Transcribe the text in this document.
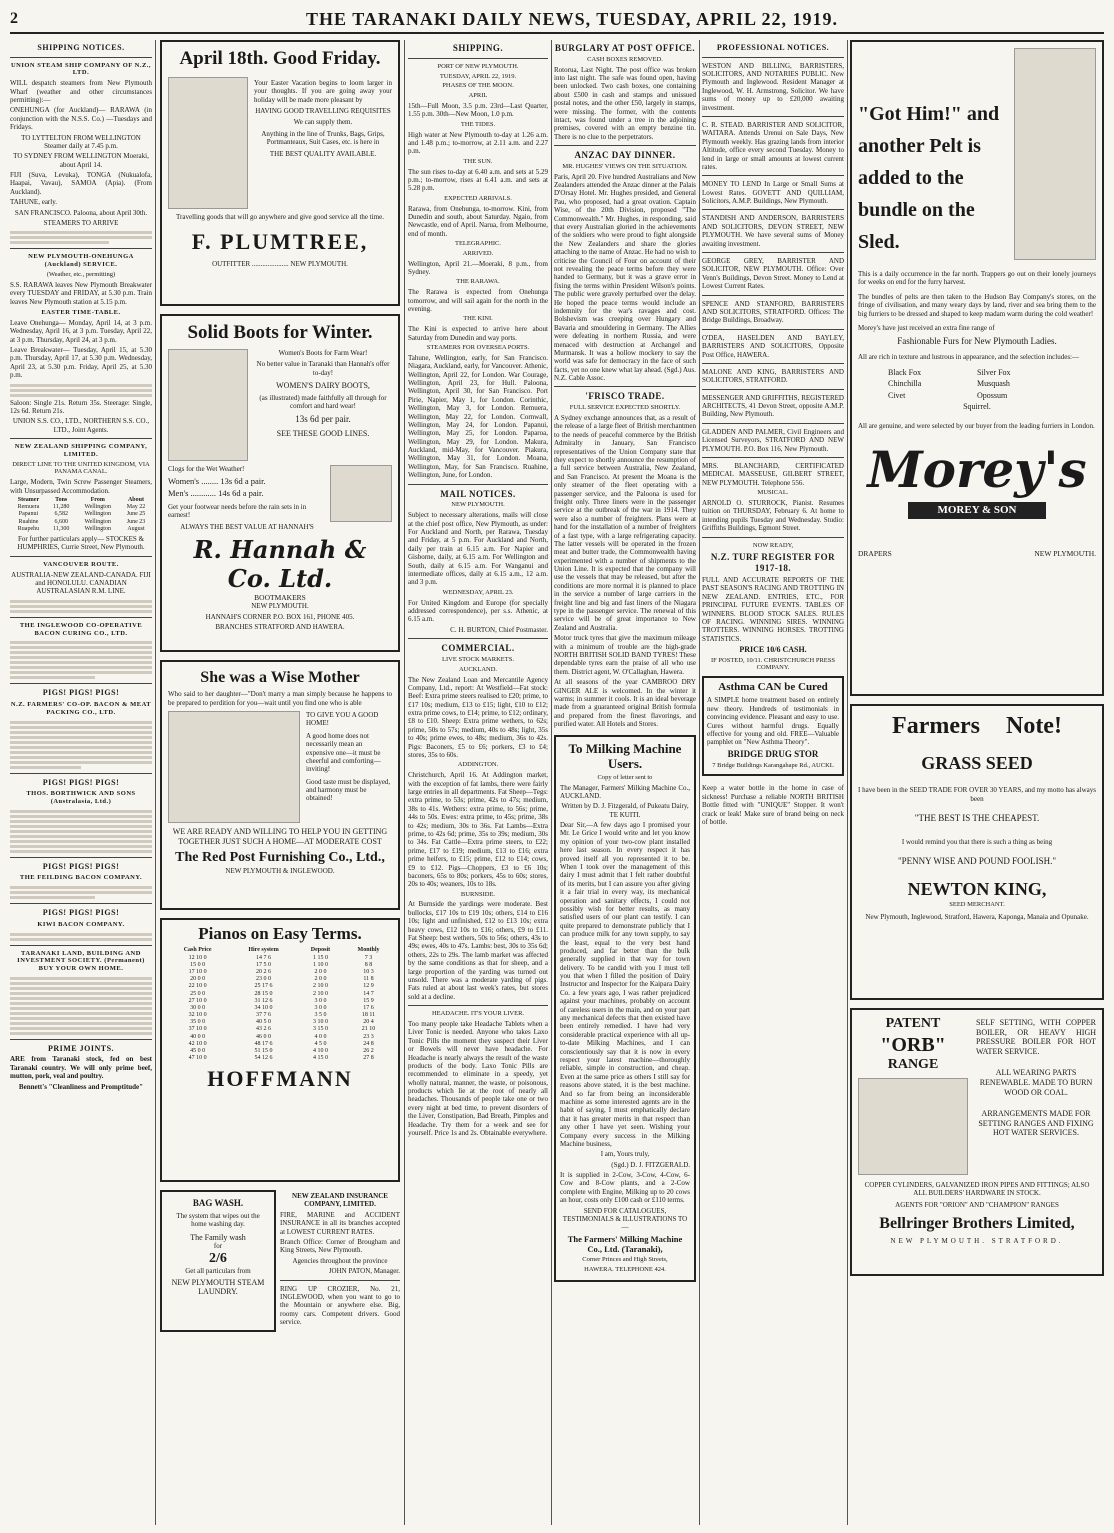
2	THE TARANAKI DAILY NEWS, TUESDAY, APRIL 22, 1919.
SHIPPING NOTICES.
UNION STEAM SHIP COMPANY OF N.Z., LTD.
WILL despatch steamers from New Plymouth Wharf (weather and other circumstances permitting):—
ONEHUNGA (for Auckland)— RARAWA (in conjunction with the N.S.S. Co.) —Tuesdays and Fridays.
TO LYTTELTON FROM WELLINGTON Steamer daily at 7.45 p.m.
TO SYDNEY FROM WELLINGTON Moeraki, about April 14.
FIJI (Suva, Levuka), TONGA (Nukualofa, Haapai, Vavau), SAMOA (Apia). (From Auckland).
TAHUNE, early.
SAN FRANCISCO. Paloona, about April 30th.
STEAMERS TO ARRIVE
NEW PLYMOUTH-ONEHUNGA (Auckland) SERVICE.
(Weather, etc., permitting)
S.S. RARAWA leaves New Plymouth Breakwater every TUESDAY and FRIDAY, at 5.30 p.m. Train leaves New Plymouth station at 5.15 p.m.
EASTER TIME-TABLE.
Leave Onehunga— Monday, April 14, at 3 p.m. Wednesday, April 16, at 3 p.m. Tuesday, April 22, at 3 p.m. Thursday, April 24, at 3 p.m.
Leave Breakwater— Tuesday, April 15, at 5.30 p.m. Thursday, April 17, at 5.30 p.m. Wednesday, April 23, at 5.30 p.m. Friday, April 25, at 5.30 p.m.
Saloon: Single 21s. Return 35s. Steerage: Single, 12s 6d. Return 21s.
UNION S.S. CO., LTD., NORTHERN S.S. CO., LTD., Joint Agents.
NEW ZEALAND SHIPPING COMPANY, LIMITED.
DIRECT LINE TO THE UNITED KINGDOM, VIA PANAMA CANAL.
Large, Modern, Twin Screw Passenger Steamers, with Unsurpassed Accommodation.
Steamer	Tons	From	About
Remuera	11,280	Wellington	May 22
Papanui	6,582	Wellington	June 25
Ruahine	6,600	Wellington	June 23
Ruapehu	11,300	Wellington	August
For further particulars apply— STOCKES & HUMPHRIES, Currie Street, New Plymouth.
VANCOUVER ROUTE.
AUSTRALIA-NEW ZEALAND-CANADA. FIJI and HONOLULU. CANADIAN AUSTRALASIAN R.M. LINE.
THE INGLEWOOD CO-OPERATIVE BACON CURING CO., LTD.
PIGS! PIGS! PIGS!
N.Z. FARMERS' CO-OP. BACON & MEAT PACKING CO., LTD.
PIGS! PIGS! PIGS!
THOS. BORTHWICK AND SONS (Australasia, Ltd.)
PIGS! PIGS! PIGS!
THE FEILDING BACON COMPANY.
PIGS! PIGS! PIGS!
KIWI BACON COMPANY.
TARANAKI LAND, BUILDING AND INVESTMENT SOCIETY. (Permanent) BUY YOUR OWN HOME.
PRIME JOINTS.
ARE from Taranaki stock, fed on best Taranaki country. We will only prime beef, mutton, pork, veal and poultry.
Bennett's "Cleanliness and Promptitude"
April 18th. Good Friday.
Your Easter Vacation begins to loom larger in your thoughts. If you are going away your holiday will be made more pleasant by
HAVING GOOD TRAVELLING REQUISITES
We can supply them.
Anything in the line of Trunks, Bags, Grips, Portmanteaux, Suit Cases, etc. is here in
THE BEST QUALITY AVAILABLE.
Travelling goods that will go anywhere and give good service all the time.
F. PLUMTREE,
OUTFITTER ..................... NEW PLYMOUTH.
Solid Boots for Winter.
Women's Boots for Farm Wear!
No better value in Taranaki than Hannah's offer to-day!
WOMEN'S DAIRY BOOTS,
(as illustrated) made faithfully all through for comfort and hard wear!
13s 6d per pair.
SEE THESE GOOD LINES.
Clogs for the Wet Weather!
Women's ........ 13s 6d a pair.
Men's ............ 14s 6d a pair.
Get your footwear needs before the rain sets in in earnest!
ALWAYS THE BEST VALUE AT HANNAH'S
R. Hannah & Co. Ltd.
BOOTMAKERS
NEW PLYMOUTH.
HANNAH'S CORNER P.O. BOX 161, PHONE 405.
BRANCHES STRATFORD AND HAWERA.
She was a Wise Mother
Who said to her daughter—"Don't marry a man simply because he happens to be prepared to perdition for you—wait until you find one who is able
TO GIVE YOU A GOOD HOME!
A good home does not necessarily mean an expensive one—it must be cheerful and comforting—inviting!
Good taste must be displayed, and harmony must be obtained!
WE ARE READY AND WILLING TO HELP YOU IN GETTING TOGETHER JUST SUCH A HOME—AT MODERATE COST
The Red Post Furnishing Co., Ltd.,
NEW PLYMOUTH & INGLEWOOD.
Pianos on Easy Terms.
Cash Price	Hire system	Deposit	Monthly
12 10 0	14 7 6	1 15 0	7 3
15 0 0	17 5 0	1 10 0	8 8
17 10 0	20 2 6	2 0 0	10 3
20 0 0	23 0 0	2 0 0	11 8
22 10 0	25 17 6	2 10 0	12 9
25 0 0	28 15 0	2 10 0	14 7
27 10 0	31 12 6	3 0 0	15 9
30 0 0	34 10 0	3 0 0	17 6
32 10 0	37 7 6	3 5 0	18 11
35 0 0	40 5 0	3 10 0	20 4
37 10 0	43 2 6	3 15 0	21 10
40 0 0	46 0 0	4 0 0	23 3
42 10 0	48 17 6	4 5 0	24 8
45 0 0	51 15 0	4 10 0	26 2
47 10 0	54 12 6	4 15 0	27 8
HOFFMANN
BAG WASH.
The system that wipes out the home washing day.
The Family wash
for
2/6
Get all particulars from
NEW PLYMOUTH STEAM LAUNDRY.
NEW ZEALAND INSURANCE COMPANY, LIMITED.
FIRE, MARINE and ACCIDENT INSURANCE in all its branches accepted at LOWEST CURRENT RATES.
Branch Office: Corner of Brougham and King Streets, New Plymouth.
Agencies throughout the province
JOHN PATON, Manager.
RING UP CROZIER, No. 21, INGLEWOOD, when you want to go to the Mountain or anywhere else. Big, roomy cars. Competent drivers. Good service.
SHIPPING.
PORT OF NEW PLYMOUTH.
TUESDAY, APRIL 22, 1919.
PHASES OF THE MOON.
APRIL
15th—Full Moon, 3.5 p.m. 23rd—Last Quarter, 1.55 p.m. 30th—New Moon, 1.0 p.m.
THE TIDES.
High water at New Plymouth to-day at 1.26 a.m. and 1.48 p.m.; to-morrow, at 2.11 a.m. and 2.27 p.m.
THE SUN.
The sun rises to-day at 6.40 a.m. and sets at 5.29 p.m.; to-morrow, rises at 6.41 a.m. and sets at 5.28 p.m.
EXPECTED ARRIVALS.
Rarawa, from Onehunga, to-morrow. Kini, from Dunedin and south, about Saturday. Ngaio, from Newcastle, end of April. Narua, from Melbourne, end of month.
TELEGRAPHIC.
ARRIVED.
Wellington, April 21.—Moeraki, 8 p.m., from Sydney.
THE RARAWA.
The Rarawa is expected from Onehunga tomorrow, and will sail again for the north in the evening.
THE KINI.
The Kini is expected to arrive here about Saturday from Dunedin and way ports.
STEAMERS FOR OVERSEA PORTS.
Tahune, Wellington, early, for San Francisco. Niagara, Auckland, early, for Vancouver. Athenic, Wellington, April 22, for London. War Courage, Wellington, April 23, for Hull. Paloona, Wellington, April 30, for San Francisco. Port Pirie, Napier, May 1, for London. Corinthic, Wellington, May 3, for London. Remuera, Wellington, May 22, for London. Cornwall, Wellington, May 24, for London. Papanui, Wellington, May 25, for London. Paparoa, Wellington, May 29, for London. Makura, Auckland, mid-May, for Vancouver. Piakura, Wellington, May 31, for London. Moana, Wellington, May, for San Francisco. Ruahine, Wellington, June, for London.
MAIL NOTICES.
NEW PLYMOUTH.
Subject to necessary alterations, mails will close at the chief post office, New Plymouth, as under: For Auckland and North, per Rarawa, Tuesday and Friday, at 5 p.m. For Auckland and North, daily per train at 6.15 a.m. For Napier and Gisborne, daily, at 6.15 a.m. For Wellington and South, daily at 6.15 a.m. For Wanganui and intermediate offices, daily at 6.15 a.m., 12 a.m. and 3 p.m.
WEDNESDAY, APRIL 23.
For United Kingdom and Europe (for specially addressed correspondence), per s.s. Athenic, at 6.15 a.m.
C. H. BURTON, Chief Postmaster.
COMMERCIAL.
LIVE STOCK MARKETS.
AUCKLAND.
The New Zealand Loan and Mercantile Agency Company, Ltd., report: At Westfield—Fat stock: Beef: Extra prime steers realised to £20; prime, to £17 10s; medium, £13 to £15; light, £10 to £12; extra prime cows, to £14; prime, to £12; ordinary, £8 to £10. Sheep: Extra prime wethers, to 62s; prime, 50s to 57s; medium, 40s to 48s; light, 35s to 40s; prime ewes, to 48s; medium, 36s to 42s. Pigs: Baconers, £5 to £6; porkers, £3 to £4; stores, 35s to 60s.
ADDINGTON.
Christchurch, April 16. At Addington market, with the exception of fat lambs, there were fairly large entries in all departments. Fat Sheep—Tegs: extra prime, to 53s; prime, 42s to 47s; medium, 38s to 41s. Wethers: extra prime, to 56s; prime, 44s to 50s. Ewes: extra prime, to 45s; prime, 38s to 42s; medium, 30s to 36s. Fat Lambs—Extra prime, to 42s 6d; prime, 35s to 39s; medium, 30s to 34s. Fat Cattle—Extra prime steers, to £22; prime, £17 to £19; medium, £13 to £16; extra prime heifers, to £15; prime, £12 to £14; cows, £9 to £12. Pigs—Choppers, £3 to £6 10s; baconers, 65s to 80s; porkers, 45s to 60s; stores, 20s to 40s; weaners, 10s to 18s.
BURNSIDE.
At Burnside the yardings were moderate. Best bullocks, £17 10s to £19 10s; others, £14 to £16 10s; light and unfinished, £12 to £13 10s; extra heavy cows, £12 10s to £16; others, £9 to £11. Fat Sheep: best wethers, 50s to 56s; others, 43s to 49s; ewes, 40s to 47s. Lambs: best, 30s to 35s 6d; others, 22s to 29s. The lamb market was affected by the same conditions as that for sheep, and a large proportion of the yarding was turned out unsold. There was a moderate yarding of pigs. Fats ruled at about last week's rates, but stores sold at a decline.
HEADACHE. IT'S YOUR LIVER.
Too many people take Headache Tablets when a Liver Tonic is needed. Anyone who takes Laxo Tonic Pills the moment they suspect their Liver or Bowels will never have headache. For Headache is nearly always the result of the waste products of the body. Laxo Tonic Pills are recommended to eliminate in a speedy, yet wholly natural, manner, the waste, or poisonous, products which lie at the root of nearly all headaches. Thousands of people take one or two every night at bed time, to prevent disorders of the Liver, Constipation, Bad Breath, Pimples and Headache. Try them for a week and see for yourself. Price 1s and 2s. Obtainable everywhere.
BURGLARY AT POST OFFICE.
CASH BOXES REMOVED.
Rotorua, Last Night. The post office was broken into last night. The safe was found open, having been unlocked. Two cash boxes, one containing about £500 in cash and stamps and unissued postal notes, and the other £50, largely in stamps, were missing. The former, with the contents intact, was found under a tree in the adjoining premises, covered with an empty benzine tin. There is no clue to the perpetrators.
ANZAC DAY DINNER.
MR. HUGHES' VIEWS ON THE SITUATION.
Paris, April 20. Five hundred Australians and New Zealanders attended the Anzac dinner at the Palais D'Orsay Hotel. Mr. Hughes presided, and General Pau, who proposed, had a great ovation. Captain Wise, of the 20th Division, proposed "The Commonwealth." Mr. Hughes, in responding, said that every Australian gloried in the achievements of the soldiers who were proud to fight alongside the New Zealanders and share the glories attaching to the name of Anzac. He had no wish to criticise the Council of Four on account of their not revealing the peace terms before they were handed to Germany, but it was a grave error in fixing the terms within President Wilson's points. The public were gravely perturbed over the delay. He hoped the peace terms would include an indemnity for the war's ravages and cost. Bolshevism was creeping over Hungary and Bavaria and smouldering in Germany. The Allies were defeating in northern Russia, and were menaced with destruction at Archangel and Murmansk. It was a hollow mockery to say the world was safe for democracy in the face of such facts, yet no one knew what lay ahead. (Sgd.) Aus. N.Z. Cable Assoc.
'FRISCO TRADE.
FULL SERVICE EXPECTED SHORTLY.
A Sydney exchange announces that, as a result of the release of a large fleet of British merchantmen to the needs of peaceful commerce by the British Admiralty in January, San Francisco representatives of the Union Company state that they expect to shortly announce the resumption of a full service between Australia, New Zealand, and San Francisco. At present the Moana is the only steamer of the fleet operating with a passenger service, and the Paloona is used for freight only. Three liners were in the passenger service at the outbreak of the war in 1914. They were also a number of freighters. Plans were at hand for the installation of a number of freighters of a fast type, with a large refrigerating capacity. The latter vessels will be operated in the frozen meat and butter trade, the Commonwealth having experimented with a number of shipments to the Union Line. It is expected that the company will use the vessels that may be released, but after the conditions are more normal it is planned to place in the service a number of large carriers in the freight line and big and fast liners of the Niagara type in the passenger service. The renewal of this service will be of great importance to New Zealand and Australia.
Motor truck tyres that give the maximum mileage with a minimum of trouble are the high-grade NORTH BRITISH SOLID BAND TYRES! These dependable tyres earn the praise of all who use them. District agent, W. O'Callaghan, Hawera.
At all seasons of the year CAMBROO DRY GINGER ALE is welcomed. In the winter it warms; in summer it cools. It is an ideal beverage made from a guaranteed original British formula and prepared from the finest flavorings, and purified water. All Hotels and Stores.
To Milking Machine Users.
Copy of letter sent to
The Manager, Farmers' Milking Machine Co., AUCKLAND.
Written by D. J. Fitzgerald, of Pukeatu Dairy, TE KUITI.
Dear Sir,—A few days ago I promised your Mr. Le Grice I would write and let you know my opinion of your two-cow plant installed here last season. In every respect it has proved itself all you represented it to be. When I took over the management of this dairy I must admit that I felt rather doubtful of its merits, but I can assure you after giving it a fair trial in every way, its mechanical operation and sanitary effects, I could not possibly wish for better results, as many satisfied users of our plant can testify. I can quite prepared to demonstrate publicly that I can produce milk for any town supply, to say the least, equal to the very best hand produced, and far better than the bulk generally supplied in that way for town delivery. To be candid with you I must tell you that when I filled the position of Dairy Instructor and Inspector for the Kaipara Dairy Co. a few years ago, I was rather prejudiced against your machines, probably on account of careless users in the main, and on your part any mechanical defects that then existed have been entirely remedied. I have had very considerable practical experience with all up-to-date Milking Machines, and I can conscientiously say that it is now in every respect your latest machine—thoroughly reliable, simple in construction, and cheap. Even at the same price as others I still say for reasons above stated, it is the best machine. And so far from being an inconsiderable machine as some interested agents are in the habit of saying, I must emphatically declare that it has greater merits in that respect than any other I have yet seen. Wishing your Company every success in the Milking Machine business,
I am, Yours truly,
(Sgd.) D. J. FITZGERALD.
It is supplied in 2-Cow, 3-Cow, 4-Cow, 6-Cow and 8-Cow plants, and a 2-Cow complete with Engine, Milking up to 20 cows an hour, costs only £100 cash or £110 terms.
SEND FOR CATALOGUES, TESTIMONIALS & ILLUSTRATIONS TO—
The Farmers' Milking Machine Co., Ltd. (Taranaki),
Corner Princes and High Streets,
HAWERA. TELEPHONE 424.
PROFESSIONAL NOTICES.
WESTON AND BILLING, BARRISTERS, SOLICITORS, AND NOTARIES PUBLIC. New Plymouth and Inglewood. Resident Manager at Inglewood, W. H. Armstrong, Solicitor. We have sums of money up to £20,000 awaiting investment.
C. R. STEAD. BARRISTER AND SOLICITOR, WAITARA. Attends Urenui on Sale Days, New Plymouth weekly. Has grazing lands from interior Altitude, office every second Tuesday. Money to lend in large or small amounts at lowest current rates.
MONEY TO LEND In Large or Small Sums at Lowest Rates. GOVETT AND QUILLIAM, Solicitors, A.M.P. Buildings, New Plymouth.
STANDISH AND ANDERSON, BARRISTERS AND SOLICITORS, DEVON STREET, NEW PLYMOUTH. We have several sums of Money awaiting investment.
GEORGE GREY, BARRISTER AND SOLICITOR, NEW PLYMOUTH. Office: Over Venn's Buildings, Devon Street. Money to Lend at Lowest Current Rates.
SPENCE AND STANFORD, BARRISTERS AND SOLICITORS, STRATFORD. Offices: The Bridge Buildings, Broadway.
O'DEA, HASELDEN AND BAYLEY, BARRISTERS AND SOLICITORS, Opposite Post Office, HAWERA.
MALONE AND KING, BARRISTERS AND SOLICITORS, STRATFORD.
MESSENGER AND GRIFFITHS, REGISTERED ARCHITECTS, 41 Devon Street, opposite A.M.P. Building, New Plymouth.
GLADDEN AND PALMER, Civil Engineers and Licensed Surveyors, STRATFORD AND NEW PLYMOUTH. P.O. Box 116, New Plymouth.
MRS. BLANCHARD, CERTIFICATED MEDICAL MASSEUSE, GILBERT STREET, NEW PLYMOUTH. Telephone 556.
MUSICAL.
ARNOLD O. STURROCK, Pianist. Resumes tuition on THURSDAY, February 6. At home to intending pupils Tuesday and Wednesday. Studio: Griffiths Buildings, Egmont Street.
NOW READY,
N.Z. TURF REGISTER FOR 1917-18.
FULL AND ACCURATE REPORTS OF THE PAST SEASON'S RACING AND TROTTING IN NEW ZEALAND. ENTRIES, ETC., FOR PRINCIPAL FUTURE EVENTS. TABLES OF WINNERS. BLOOD STOCK SALES. RULES OF RACING. WINNING SIRES. WINNING TROTTERS. WINNING HORSES. TROTTING STATISTICS.
PRICE 10/6 CASH.
IF POSTED, 10/11. CHRISTCHURCH PRESS COMPANY.
Asthma CAN be Cured
A SIMPLE home treatment based on entirely new theory. Hundreds of testimonials in convincing evidence. Pleasant and easy to use. Cures without harmful drugs. Equally effective for young and old. FREE—Valuable pamphlet on "New Asthma Theory".
BRIDGE DRUG STOR
7 Bridge Buildings Karangahape Rd., AUCKL
Keep a water bottle in the home in case of sickness! Purchase a reliable NORTH BRITISH Bottle fitted with "UNIQUE" Stopper. It won't crack or leak! Make sure of brand being on neck of bottle.
"Got Him!" and another Pelt is added to the bundle on the Sled.
This is a daily occurrence in the far north. Trappers go out on their lonely journeys for weeks on end for the furry harvest.
The bundles of pelts are then taken to the Hudson Bay Company's stores, on the fringe of civilisation, and many weary days by land, river and sea bring them to the big furriers to be dressed and shaped to keep madam warm during the cold weather!
Morey's have just received an extra fine range of
Fashionable Furs for New Plymouth Ladies.
All are rich in texture and lustrous in appearance, and the selection includes:—
Black Fox	Silver Fox
Chinchilla	Musquash
Civet	Opossum
Squirrel.
All are genuine, and were selected by our buyer from the leading furriers in London.
Morey's
MOREY & SON
DRAPERS	NEW PLYMOUTH.
Farmers Note!
GRASS SEED
I have been in the SEED TRADE FOR OVER 30 YEARS, and my motto has always been
"THE BEST IS THE CHEAPEST.
I would remind you that there is such a thing as being
"PENNY WISE AND POUND FOOLISH."
NEWTON KING,
SEED MERCHANT.
New Plymouth, Inglewood, Stratford, Hawera, Kaponga, Manaia and Opunake.
PATENT
"ORB"
RANGE
SELF SETTING, WITH COPPER BOILER, OR HEAVY HIGH PRESSURE BOILER FOR HOT WATER SERVICE.
ALL WEARING PARTS RENEWABLE. MADE TO BURN WOOD OR COAL.
ARRANGEMENTS MADE FOR SETTING RANGES AND FIXING HOT WATER SERVICES.
COPPER CYLINDERS, GALVANIZED IRON PIPES AND FITTINGS; ALSO ALL BUILDERS' HARDWARE IN STOCK.
AGENTS FOR "ORION" AND "CHAMPION" RANGES
Bellringer Brothers Limited,
NEW PLYMOUTH. STRATFORD.
